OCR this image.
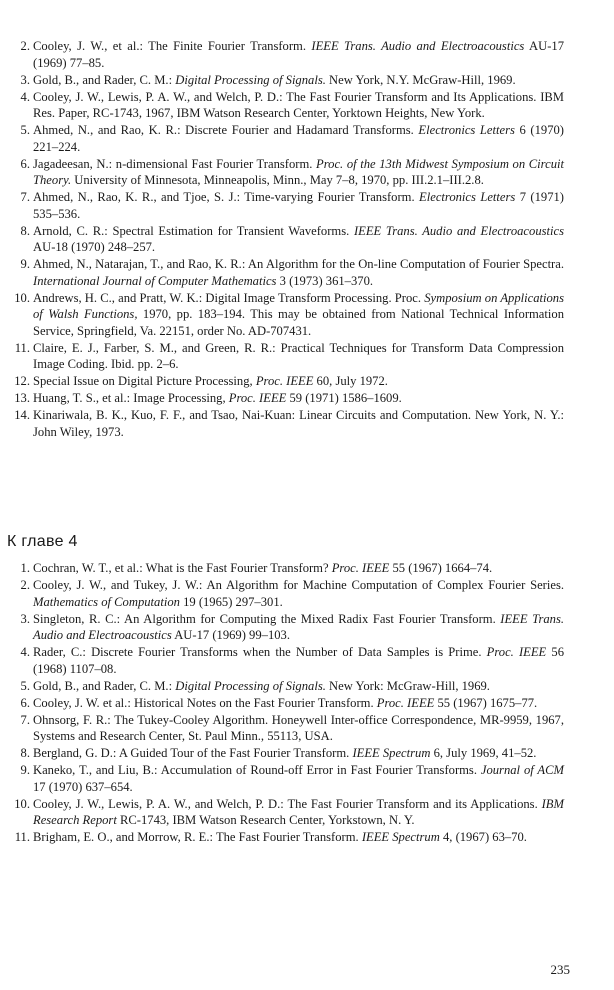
2. Cooley, J. W., et al.: The Finite Fourier Transform. IEEE Trans. Audio and Electroacoustics AU-17 (1969) 77–85.
3. Gold, B., and Rader, C. M.: Digital Processing of Signals. New York, N.Y. McGraw-Hill, 1969.
4. Cooley, J. W., Lewis, P. A. W., and Welch, P. D.: The Fast Fourier Transform and Its Applications. IBM Res. Paper, RC-1743, 1967, IBM Watson Research Center, Yorktown Heights, New York.
5. Ahmed, N., and Rao, K. R.: Discrete Fourier and Hadamard Transforms. Electronics Letters 6 (1970) 221–224.
6. Jagadeesan, N.: n-dimensional Fast Fourier Transform. Proc. of the 13th Midwest Symposium on Circuit Theory. University of Minnesota, Minneapolis, Minn., May 7–8, 1970, pp. III.2.1–III.2.8.
7. Ahmed, N., Rao, K. R., and Tjoe, S. J.: Time-varying Fourier Transform. Electronics Letters 7 (1971) 535–536.
8. Arnold, C. R.: Spectral Estimation for Transient Waveforms. IEEE Trans. Audio and Electroacoustics AU-18 (1970) 248–257.
9. Ahmed, N., Natarajan, T., and Rao, K. R.: An Algorithm for the On-line Computation of Fourier Spectra. International Journal of Computer Mathematics 3 (1973) 361–370.
10. Andrews, H. C., and Pratt, W. K.: Digital Image Transform Processing. Proc. Symposium on Applications of Walsh Functions, 1970, pp. 183–194. This may be obtained from National Technical Information Service, Springfield, Va. 22151, order No. AD-707431.
11. Claire, E. J., Farber, S. M., and Green, R. R.: Practical Techniques for Transform Data Compression Image Coding. Ibid. pp. 2–6.
12. Special Issue on Digital Picture Processing, Proc. IEEE 60, July 1972.
13. Huang, T. S., et al.: Image Processing, Proc. IEEE 59 (1971) 1586–1609.
14. Kinariwala, B. K., Kuo, F. F., and Tsao, Nai-Kuan: Linear Circuits and Computation. New York, N. Y.: John Wiley, 1973.
К главе 4
1. Cochran, W. T., et al.: What is the Fast Fourier Transform? Proc. IEEE 55 (1967) 1664–74.
2. Cooley, J. W., and Tukey, J. W.: An Algorithm for Machine Computation of Complex Fourier Series. Mathematics of Computation 19 (1965) 297–301.
3. Singleton, R. C.: An Algorithm for Computing the Mixed Radix Fast Fourier Transform. IEEE Trans. Audio and Electroacoustics AU-17 (1969) 99–103.
4. Rader, C.: Discrete Fourier Transforms when the Number of Data Samples is Prime. Proc. IEEE 56 (1968) 1107–08.
5. Gold, B., and Rader, C. M.: Digital Processing of Signals. New York: McGraw-Hill, 1969.
6. Cooley, J. W. et al.: Historical Notes on the Fast Fourier Transform. Proc. IEEE 55 (1967) 1675–77.
7. Ohnsorg, F. R.: The Tukey-Cooley Algorithm. Honeywell Inter-office Correspondence, MR-9959, 1967, Systems and Research Center, St. Paul Minn., 55113, USA.
8. Bergland, G. D.: A Guided Tour of the Fast Fourier Transform. IEEE Spectrum 6, July 1969, 41–52.
9. Kaneko, T., and Liu, B.: Accumulation of Round-off Error in Fast Fourier Transforms. Journal of ACM 17 (1970) 637–654.
10. Cooley, J. W., Lewis, P. A. W., and Welch, P. D.: The Fast Fourier Transform and its Applications. IBM Research Report RC-1743, IBM Watson Research Center, Yorkstown, N. Y.
11. Brigham, E. O., and Morrow, R. E.: The Fast Fourier Transform. IEEE Spectrum 4, (1967) 63–70.
235
